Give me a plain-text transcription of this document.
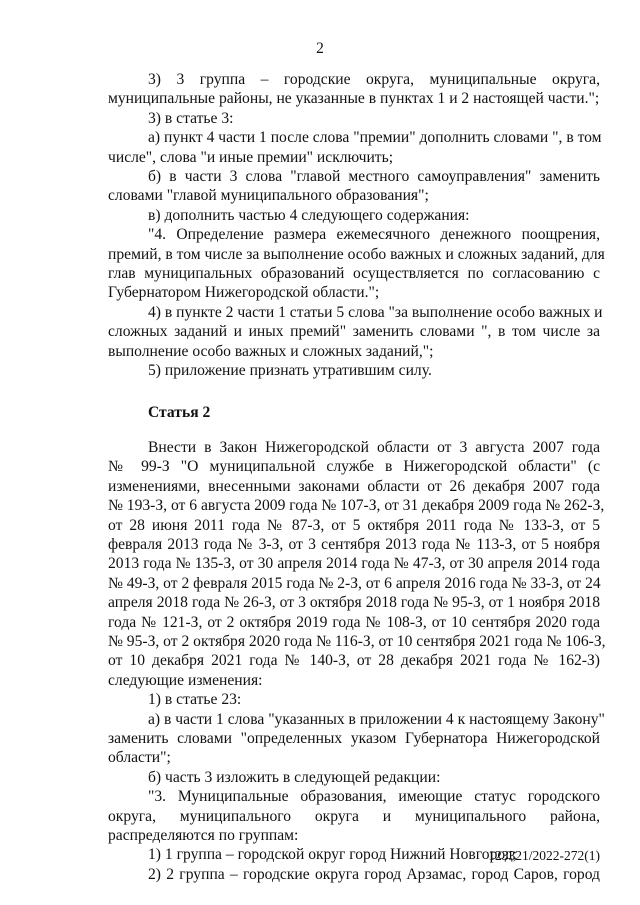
2

3) 3 группа – городские округа, муниципальные округа,

муниципальные районы, не указанные в пунктах 1 и 2 настоящей части.";

3) в статье 3:

а) пункт 4 части 1 после слова "премии" дополнить словами ", в том

числе", слова "и иные премии" исключить;

б) в части 3 слова "главой местного самоуправления" заменить

словами "главой муниципального образования";

в) дополнить частью 4 следующего содержания:

"4. Определение размера ежемесячного денежного поощрения,

премий, в том числе за выполнение особо важных и сложных заданий, для

глав муниципальных образований осуществляется по согласованию с

Губернатором Нижегородской области.";

4) в пункте 2 части 1 статьи 5 слова "за выполнение особо важных и

сложных заданий и иных премий" заменить словами ", в том числе за

выполнение особо важных и сложных заданий,";

5) приложение признать утратившим силу.

Статья 2

Внести в Закон Нижегородской области от 3 августа 2007 года

№ 99-З "О муниципальной службе в Нижегородской области" (с

изменениями, внесенными законами области от 26 декабря 2007 года

№ 193-З, от 6 августа 2009 года № 107-З, от 31 декабря 2009 года № 262-З,

от 28 июня 2011 года № 87-З, от 5 октября 2011 года № 133-З, от 5

февраля 2013 года № 3-З, от 3 сентября 2013 года № 113-З, от 5 ноября

2013 года № 135-З, от 30 апреля 2014 года № 47-З, от 30 апреля 2014 года

№ 49-З, от 2 февраля 2015 года № 2-З, от 6 апреля 2016 года № 33-З, от 24

апреля 2018 года № 26-З, от 3 октября 2018 года № 95-З, от 1 ноября 2018

года № 121-З, от 2 октября 2019 года № 108-З, от 10 сентября 2020 года

№ 95-З, от 2 октября 2020 года № 116-З, от 10 сентября 2021 года № 106-З,

от 10 декабря 2021 года № 140-З, от 28 декабря 2021 года № 162-З)

следующие изменения:

1) в статье 23:

а) в части 1 слова "указанных в приложении 4 к настоящему Закону"

заменить словами "определенных указом Губернатора Нижегородской

области";

б) часть 3 изложить в следующей редакции:

"3. Муниципальные образования, имеющие статус городского

округа, муниципального округа и муниципального района,

распределяются по группам:

1) 1 группа – городской округ город Нижний Новгород;

2) 2 группа – городские округа город Арзамас, город Саров, город

123321/2022-272(1)
